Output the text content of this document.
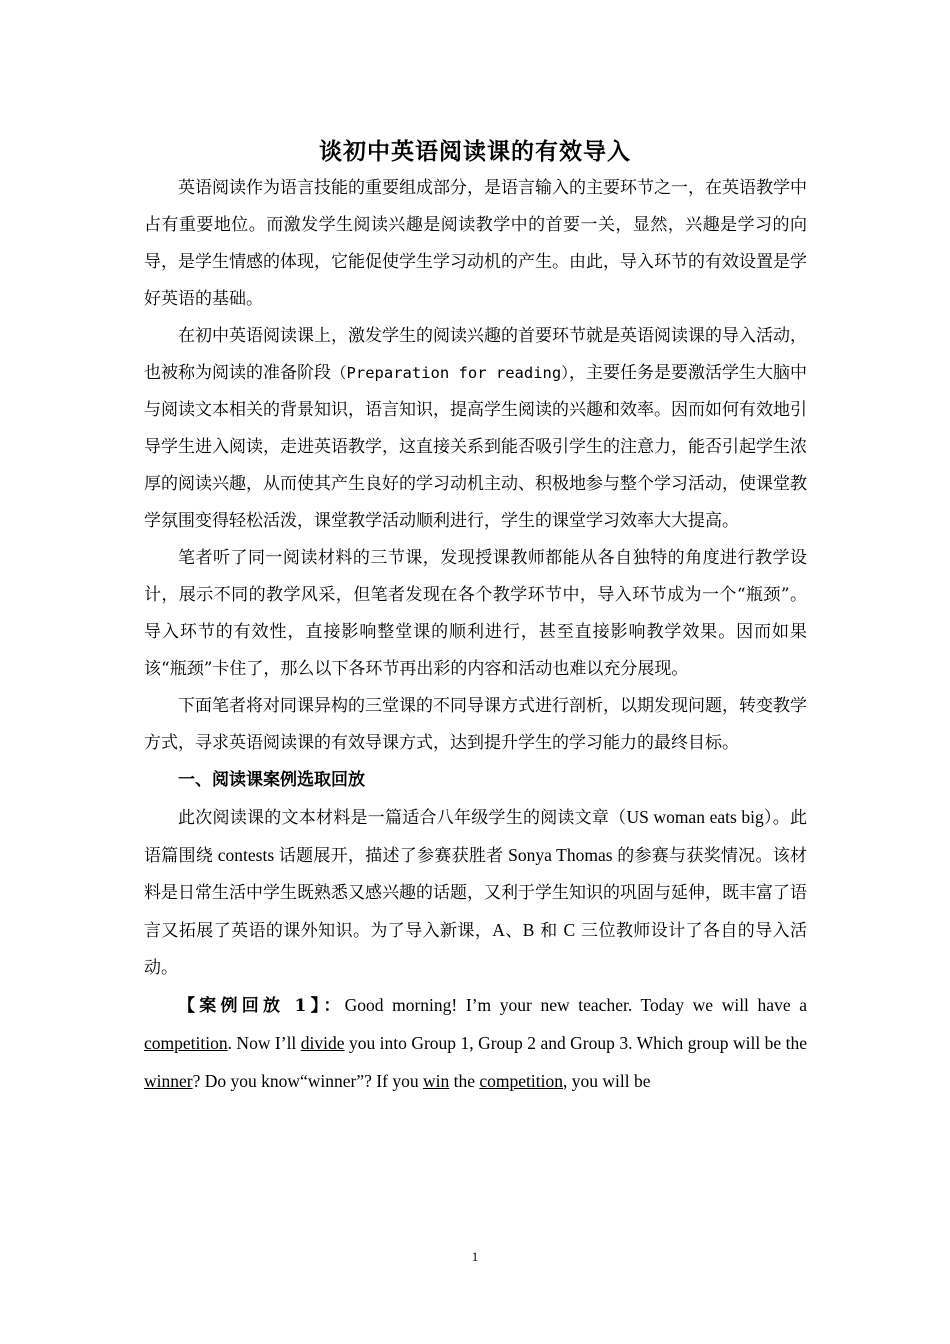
谈初中英语阅读课的有效导入

英语阅读作为语言技能的重要组成部分，是语言输入的主要环节之一，在英语教学中占有重要地位。而激发学生阅读兴趣是阅读教学中的首要一关，显然，兴趣是学习的向导，是学生情感的体现，它能促使学生学习动机的产生。由此，导入环节的有效设置是学好英语的基础。

在初中英语阅读课上，激发学生的阅读兴趣的首要环节就是英语阅读课的导入活动，也被称为阅读的准备阶段（Preparation for reading），主要任务是要激活学生大脑中与阅读文本相关的背景知识，语言知识，提高学生阅读的兴趣和效率。因而如何有效地引导学生进入阅读，走进英语教学，这直接关系到能否吸引学生的注意力，能否引起学生浓厚的阅读兴趣，从而使其产生良好的学习动机主动、积极地参与整个学习活动，使课堂教学氛围变得轻松活泼，课堂教学活动顺利进行，学生的课堂学习效率大大提高。

笔者听了同一阅读材料的三节课，发现授课教师都能从各自独特的角度进行教学设计，展示不同的教学风采，但笔者发现在各个教学环节中，导入环节成为一个“瓶颈”。导入环节的有效性，直接影响整堂课的顺利进行，甚至直接影响教学效果。因而如果该“瓶颈”卡住了，那么以下各环节再出彩的内容和活动也难以充分展现。

下面笔者将对同课异构的三堂课的不同导课方式进行剖析，以期发现问题，转变教学方式，寻求英语阅读课的有效导课方式，达到提升学生的学习能力的最终目标。

一、阅读课案例选取回放

此次阅读课的文本材料是一篇适合八年级学生的阅读文章（US woman eats big）。此语篇围绕 contests 话题展开，描述了参赛获胜者 Sonya Thomas 的参赛与获奖情况。该材料是日常生活中学生既熟悉又感兴趣的话题，又利于学生知识的巩固与延伸，既丰富了语言又拓展了英语的课外知识。为了导入新课，A、B 和 C 三位教师设计了各自的导入活动。

【案例回放 1】：Good morning! I’m your new teacher. Today we will have a competition. Now I’ll divide you into Group 1, Group 2 and Group 3. Which group will be the winner? Do you know“winner”? If you win the competition, you will be

1
